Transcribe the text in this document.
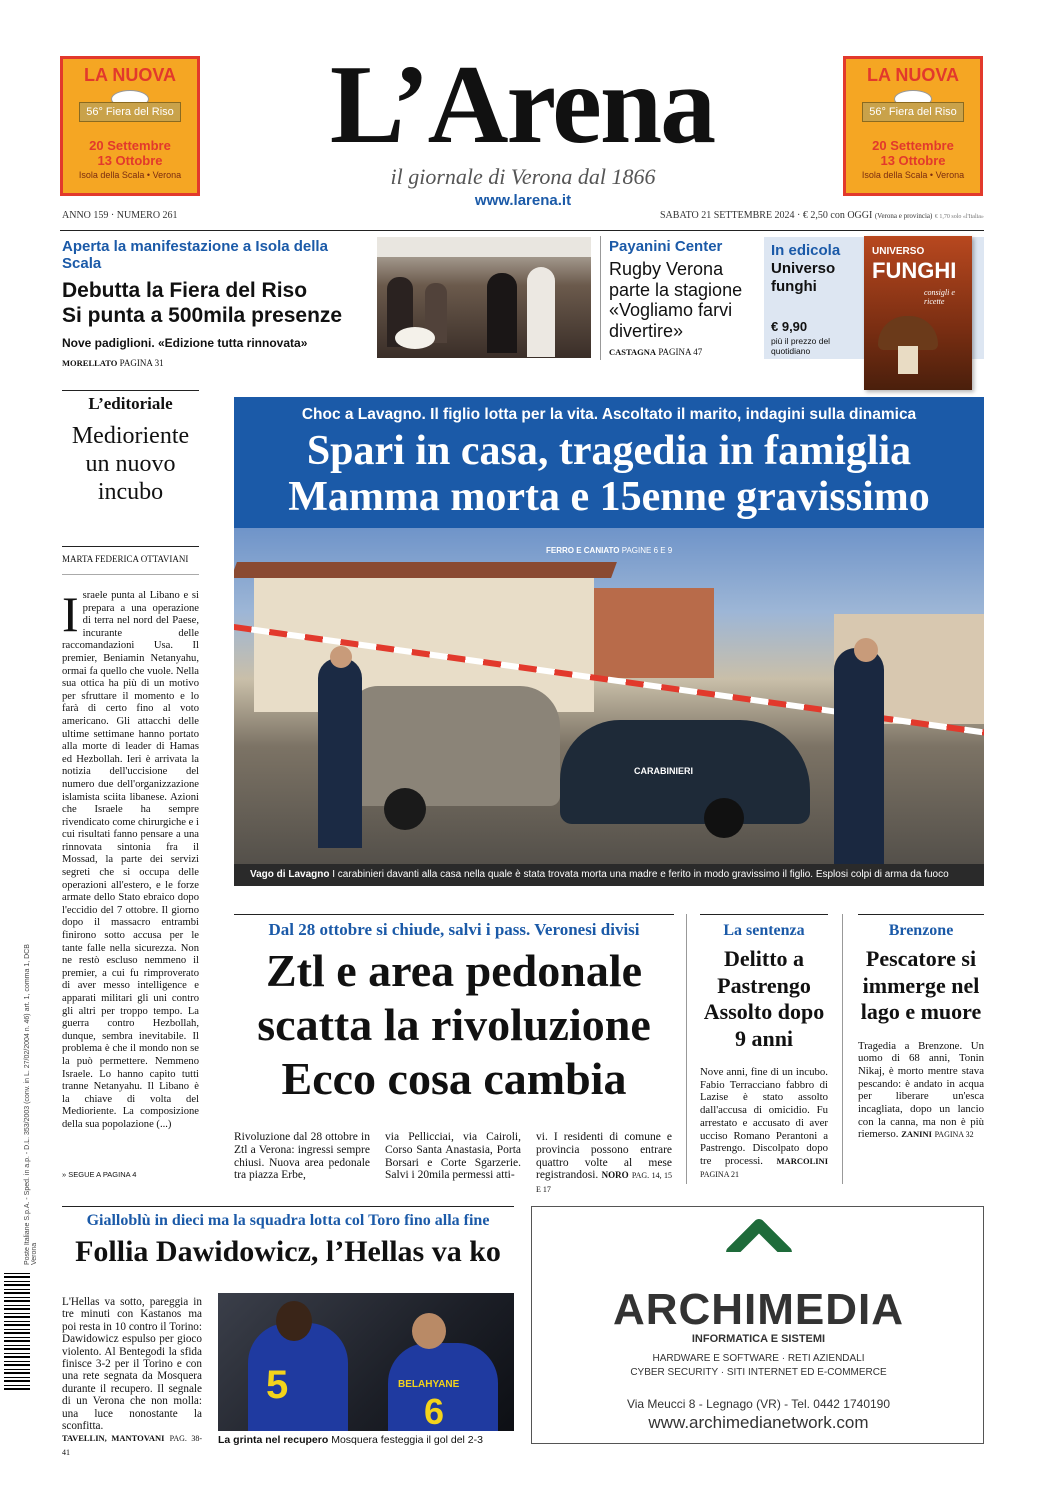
LA NUOVA
56° Fiera del Riso
20 Settembre
13 Ottobre
Isola della Scala • Verona
LA NUOVA
56° Fiera del Riso
20 Settembre
13 Ottobre
Isola della Scala • Verona
L’Arena
il giornale di Verona dal 1866
www.larena.it
ANNO 159 · NUMERO 261	SABATO 21 SETTEMBRE 2024 · € 2,50 con OGGI (Verona e provincia) € 1,70 solo «l'Italia»
Aperta la manifestazione a Isola della Scala
Debutta la Fiera del Riso
Si punta a 500mila presenze
Nove padiglioni. «Edizione tutta rinnovata»
MORELLATO PAGINA 31
Payanini Center
Rugby Verona parte la stagione «Vogliamo farvi divertire»
CASTAGNA PAGINA 47
In edicola
Universo funghi
€ 9,90
più il prezzo del quotidiano
UNIVERSO
FUNGHI
consigli e ricette
L’editoriale
Medioriente un nuovo incubo
MARTA FEDERICA OTTAVIANI
Israele punta al Libano e si prepara a una operazione di terra nel nord del Paese, incurante delle raccomandazioni Usa. Il premier, Beniamin Netanyahu, ormai fa quello che vuole. Nella sua ottica ha più di un motivo per sfruttare il momento e lo farà di certo fino al voto americano. Gli attacchi delle ultime settimane hanno portato alla morte di leader di Hamas ed Hezbollah. Ieri è arrivata la notizia dell'uccisione del numero due dell'organizzazione islamista sciita libanese. Azioni che Israele ha sempre rivendicato come chirurgiche e i cui risultati fanno pensare a una rinnovata sintonia fra il Mossad, la parte dei servizi segreti che si occupa delle operazioni all'estero, e le forze armate dello Stato ebraico dopo l'eccidio del 7 ottobre. Il giorno dopo il massacro entrambi finirono sotto accusa per le tante falle nella sicurezza. Non ne restò escluso nemmeno il premier, a cui fu rimproverato di aver messo intelligence e apparati militari gli uni contro gli altri per troppo tempo. La guerra contro Hezbollah, dunque, sembra inevitabile. Il problema è che il mondo non se la può permettere. Nemmeno Israele. Lo hanno capito tutti tranne Netanyahu. Il Libano è la chiave di volta del Medioriente. La composizione della sua popolazione (...)
» SEGUE A PAGINA 4
Poste Italiane S.p.A. - Sped. in a.p. - D.L. 353/2003 (conv. in L. 27/02/2004 n. 46) art. 1, comma 1, DCB Verona
Choc a Lavagno. Il figlio lotta per la vita. Ascoltato il marito, indagini sulla dinamica
Spari in casa, tragedia in famiglia
Mamma morta e 15enne gravissimo
FERRO E CANIATO PAGINE 6 E 9
CARABINIERI
Vago di Lavagno I carabinieri davanti alla casa nella quale è stata trovata morta una madre e ferito in modo gravissimo il figlio. Esplosi colpi di arma da fuoco
Dal 28 ottobre si chiude, salvi i pass. Veronesi divisi
Ztl e area pedonale
scatta la rivoluzione
Ecco cosa cambia
Rivoluzione dal 28 ottobre in Ztl a Verona: ingressi sempre chiusi. Nuova area pedonale tra piazza Erbe,
via Pellicciai, via Cairoli, Corso Santa Anastasia, Porta Borsari e Corte Sgarzerie. Salvi i 20mila permessi atti-
vi. I residenti di comune e provincia possono entrare quattro volte al mese registrandosi. NORO PAG. 14, 15 E 17
La sentenza
Delitto a Pastrengo Assolto dopo 9 anni
Nove anni, fine di un incubo. Fabio Terracciano fabbro di Lazise è stato assolto dall'accusa di omicidio. Fu arrestato e accusato di aver ucciso Romano Perantoni a Pastrengo. Discolpato dopo tre processi. MARCOLINI PAGINA 21
Brenzone
Pescatore si immerge nel lago e muore
Tragedia a Brenzone. Un uomo di 68 anni, Tonin Nikaj, è morto mentre stava pescando: è andato in acqua per liberare un'esca incagliata, dopo un lancio con la canna, ma non è più riemerso. ZANINI PAGINA 32
Gialloblù in dieci ma la squadra lotta col Toro fino alla fine
Follia Dawidowicz, l’Hellas va ko
L'Hellas va sotto, pareggia in tre minuti con Kastanos ma poi resta in 10 contro il Torino: Dawidowicz espulso per gioco violento. Al Bentegodi la sfida finisce 3-2 per il Torino e con una rete segnata da Mosquera durante il recupero. Il segnale di un Verona che non molla: una luce nonostante la sconfitta.
TAVELLIN, MANTOVANI PAG. 38-41
5	BELAHYANE
6
La grinta nel recupero Mosquera festeggia il gol del 2-3
ARCHIMEDIA
INFORMATICA E SISTEMI
HARDWARE E SOFTWARE · RETI AZIENDALI
CYBER SECURITY · SITI INTERNET ED E-COMMERCE
Via Meucci 8 - Legnago (VR) - Tel. 0442 1740190
www.archimedianetwork.com
